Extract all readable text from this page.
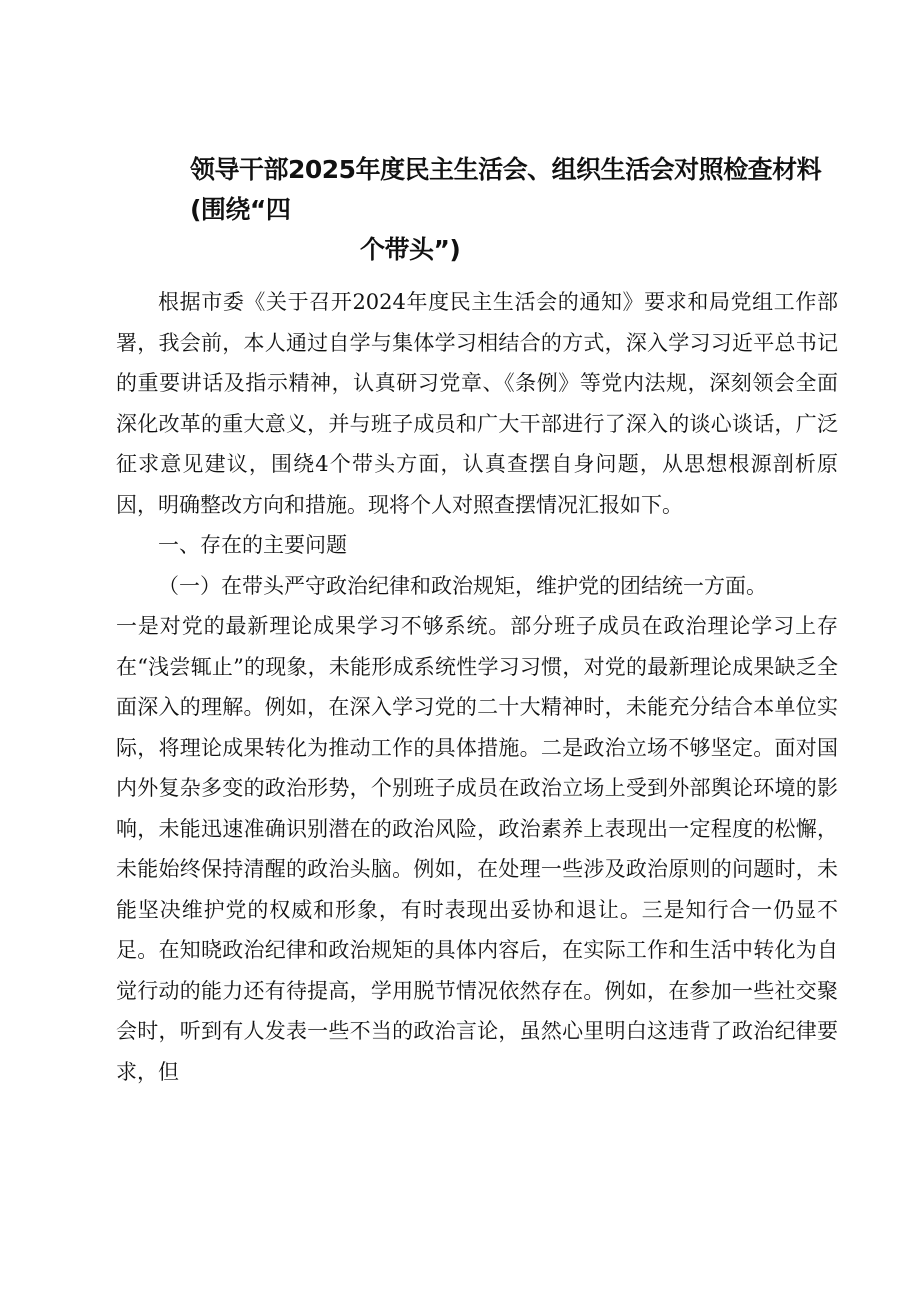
领导干部2025年度民主生活会、组织生活会对照检查材料(围绕“四
个带头”)

根据市委《关于召开2024年度民主生活会的通知》要求和局党组工作部署，我会前，本人通过自学与集体学习相结合的方式，深入学习习近平总书记的重要讲话及指示精神，认真研习党章、《条例》等党内法规，深刻领会全面深化改革的重大意义，并与班子成员和广大干部进行了深入的谈心谈话，广泛征求意见建议，围绕4个带头方面，认真查摆自身问题，从思想根源剖析原因，明确整改方向和措施。现将个人对照查摆情况汇报如下。

一、存在的主要问题

（一）在带头严守政治纪律和政治规矩，维护党的团结统一方面。

一是对党的最新理论成果学习不够系统。部分班子成员在政治理论学习上存在“浅尝辄止”的现象，未能形成系统性学习习惯，对党的最新理论成果缺乏全面深入的理解。例如，在深入学习党的二十大精神时，未能充分结合本单位实际，将理论成果转化为推动工作的具体措施。二是政治立场不够坚定。面对国内外复杂多变的政治形势，个别班子成员在政治立场上受到外部舆论环境的影响，未能迅速准确识别潜在的政治风险，政治素养上表现出一定程度的松懈，未能始终保持清醒的政治头脑。例如，在处理一些涉及政治原则的问题时，未能坚决维护党的权威和形象，有时表现出妥协和退让。三是知行合一仍显不足。在知晓政治纪律和政治规矩的具体内容后，在实际工作和生活中转化为自觉行动的能力还有待提高，学用脱节情况依然存在。例如，在参加一些社交聚会时，听到有人发表一些不当的政治言论，虽然心里明白这违背了政治纪律要求，但
